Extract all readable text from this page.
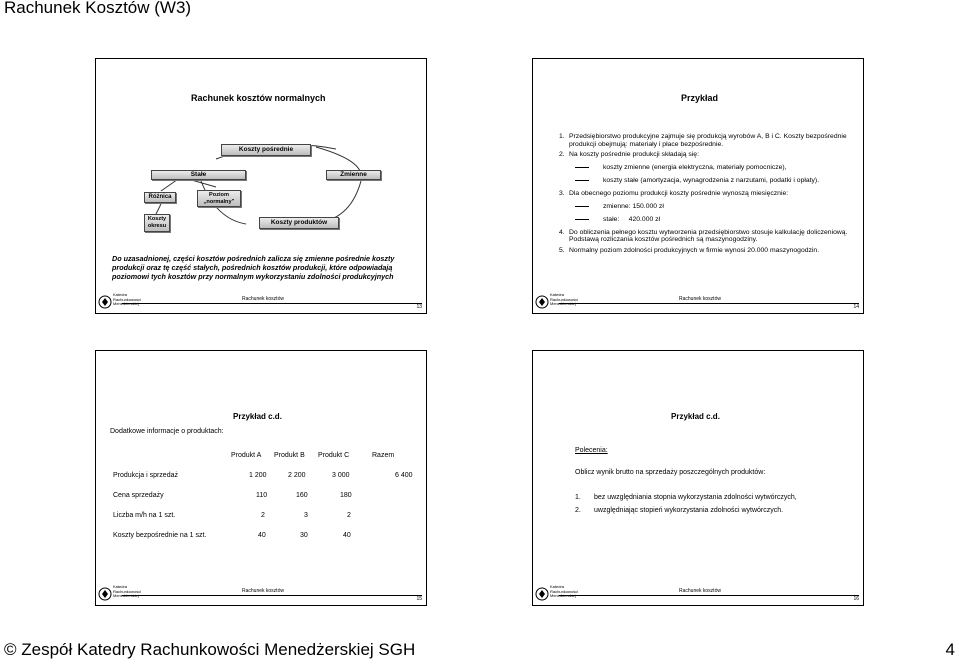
Rachunek Kosztów (W3)
Rachunek kosztów normalnych
Koszty pośrednie
Stałe	Zmienne
Różnica	Poziom „normalny”
Koszty okresu	Koszty produktów
Do uzasadnionej, części kosztów pośrednich zalicza się zmienne pośrednie koszty produkcji oraz tę część stałych, pośrednich kosztów produkcji, które odpowiadają poziomowi tych kosztów przy normalnym wykorzystaniu zdolności produkcyjnych
Katedra
Rachunkowości
Menedżerskiej
Rachunek kosztów
13
Przykład
1. Przedsiębiorstwo produkcyjne zajmuje się produkcją wyrobów A, B i C. Koszty bezpośrednie produkcji obejmują: materiały i płace bezpośrednie.
2. Na koszty pośrednie produkcji składają się:
koszty zmienne (energia elektryczna, materiały pomocnicze),
koszty stałe (amortyzacja, wynagrodzenia z narzutami, podatki i opłaty).
3. Dla obecnego poziomu produkcji koszty pośrednie wynoszą miesięcznie:
zmienne: 150.000 zł
stałe:     420.000 zł
4. Do obliczenia pełnego kosztu wytworzenia przedsiębiorstwo stosuje kalkulację doliczeniową. Podstawą rozliczania kosztów pośrednich są maszynogodziny.
5. Normalny poziom zdolności produkcyjnych w firmie wynosi 20.000 maszynogodzin.
Katedra
Rachunkowości
Menedżerskiej
Rachunek kosztów
14
Przykład c.d.
Dodatkowe informacje o produktach:
Produkt A Produkt B Produkt C	Razem
Produkcja i sprzedaż	1 200	2 200	3 000	6 400
Cena sprzedaży	110	160	180
Liczba m/h na 1 szt.	2	3	2
Koszty bezpośrednie na 1 szt.	40	30	40
Katedra
Rachunkowości
Menedżerskiej
Rachunek kosztów
15
Przykład c.d.
Polecenia:
Oblicz wynik brutto na sprzedaży poszczególnych produktów:
1. bez uwzględniania stopnia wykorzystania zdolności wytwórczych,
2. uwzględniając stopień wykorzystania zdolności wytwórczych.
Katedra
Rachunkowości
Menedżerskiej
Rachunek kosztów
16
© Zespół Katedry Rachunkowości Menedżerskiej SGH	4
